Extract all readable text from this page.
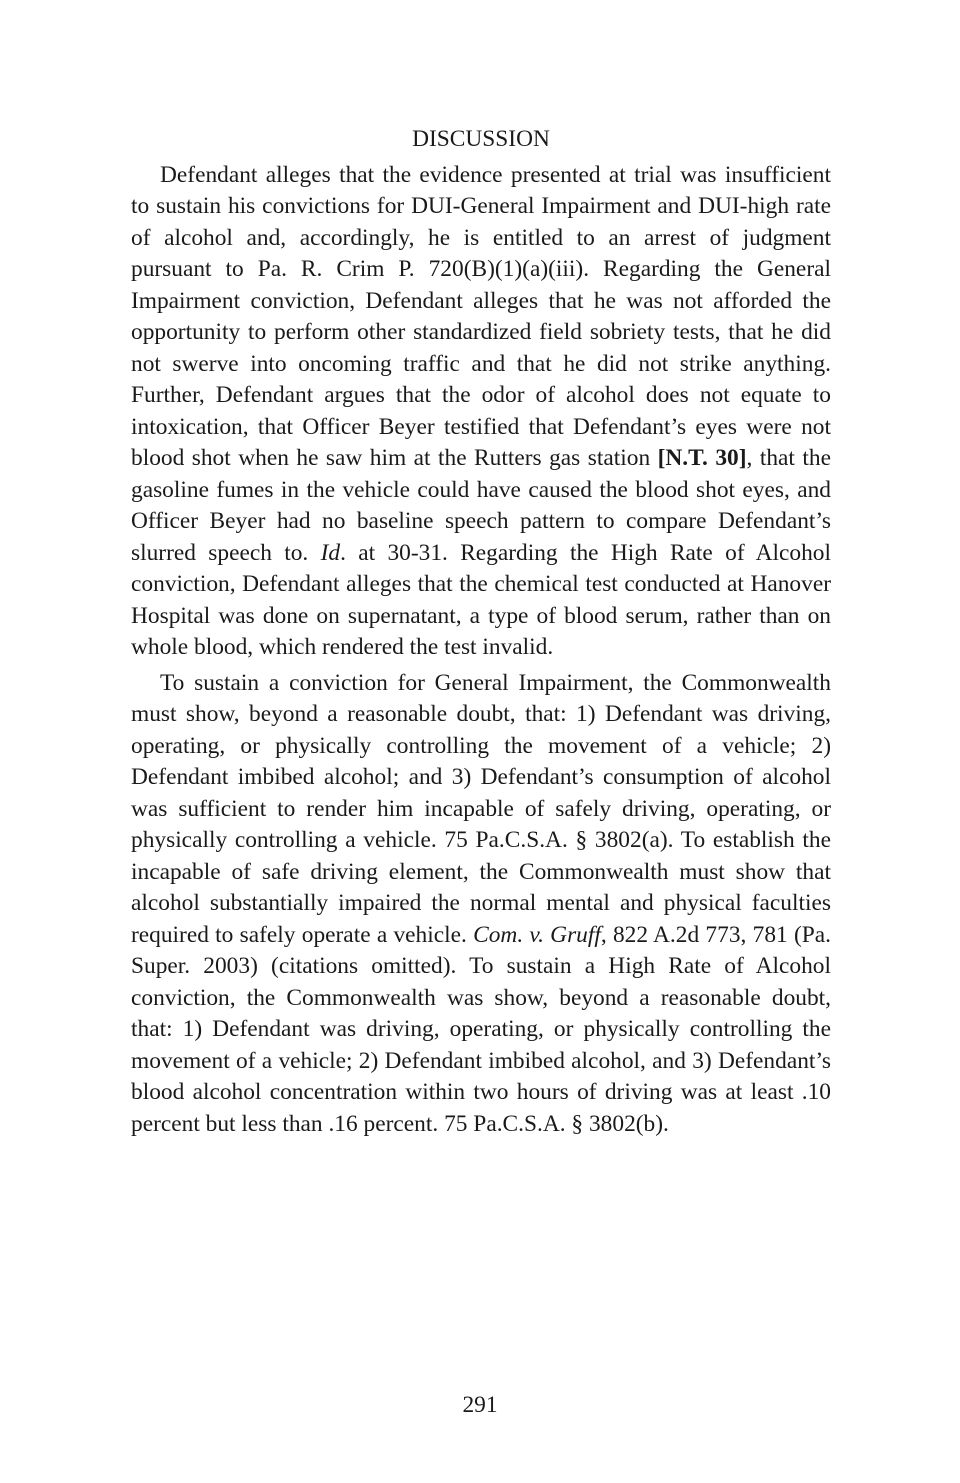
DISCUSSION

Defendant alleges that the evidence presented at trial was insufficient to sustain his convictions for DUI-General Impairment and DUI-high rate of alcohol and, accordingly, he is entitled to an arrest of judgment pursuant to Pa. R. Crim P. 720(B)(1)(a)(iii). Regarding the General Impairment conviction, Defendant alleges that he was not afforded the opportunity to perform other standardized field sobriety tests, that he did not swerve into oncoming traffic and that he did not strike anything. Further, Defendant argues that the odor of alcohol does not equate to intoxication, that Officer Beyer testified that Defendant’s eyes were not blood shot when he saw him at the Rutters gas station [N.T. 30], that the gasoline fumes in the vehicle could have caused the blood shot eyes, and Officer Beyer had no baseline speech pattern to compare Defendant’s slurred speech to. Id. at 30-31. Regarding the High Rate of Alcohol conviction, Defendant alleges that the chemical test conducted at Hanover Hospital was done on supernatant, a type of blood serum, rather than on whole blood, which rendered the test invalid.

To sustain a conviction for General Impairment, the Commonwealth must show, beyond a reasonable doubt, that: 1) Defendant was driving, operating, or physically controlling the movement of a vehicle; 2) Defendant imbibed alcohol; and 3) Defendant’s consumption of alcohol was sufficient to render him incapable of safely driving, operating, or physically controlling a vehicle. 75 Pa.C.S.A. § 3802(a). To establish the incapable of safe driving element, the Commonwealth must show that alcohol substantially impaired the normal mental and physical faculties required to safely operate a vehicle. Com. v. Gruff, 822 A.2d 773, 781 (Pa. Super. 2003) (citations omitted). To sustain a High Rate of Alcohol conviction, the Commonwealth was show, beyond a reasonable doubt, that: 1) Defendant was driving, operating, or physically controlling the movement of a vehicle; 2) Defendant imbibed alcohol, and 3) Defendant’s blood alcohol concentration within two hours of driving was at least .10 percent but less than .16 percent. 75 Pa.C.S.A. § 3802(b).

291
